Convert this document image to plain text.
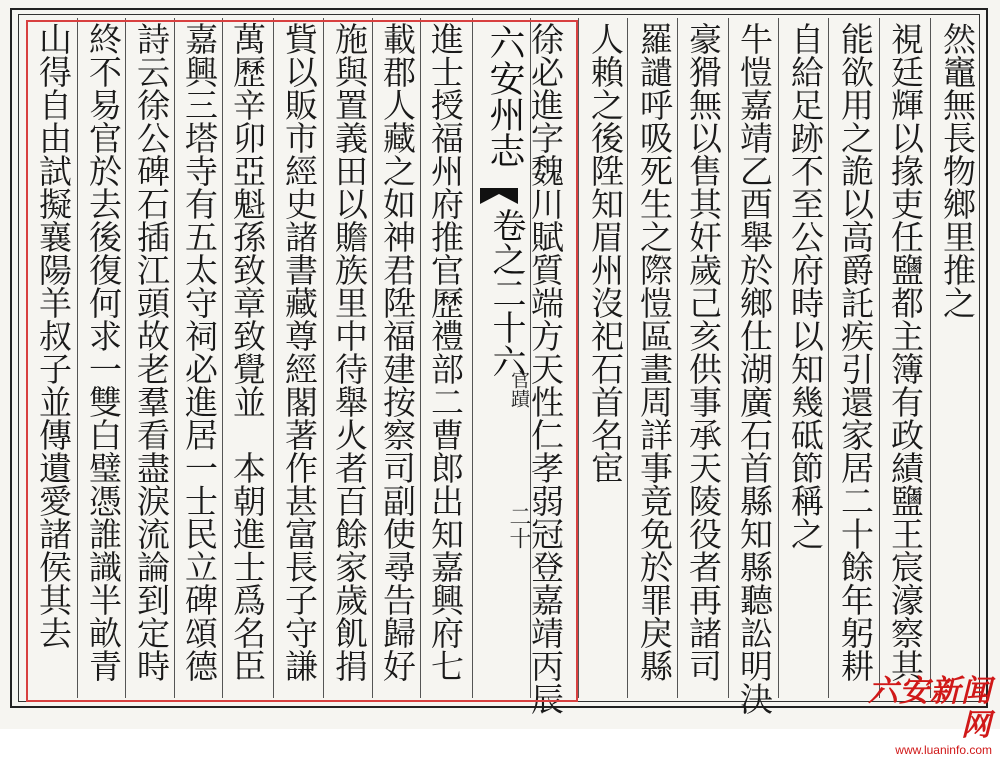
然竈無長物鄉里推之
視廷輝以掾吏任鹽都主簿有政績鹽王宸濠察其
能欲用之詭以高爵託疾引還家居二十餘年躬耕
自給足跡不至公府時以知幾砥節稱之
牛愷嘉靖乙酉舉於鄉仕湖廣石首縣知縣聽訟明決
豪猾無以售其奸歲己亥供事承天陵役者再諸司
羅譴呼吸死生之際愷區畫周詳事竟免於罪戾縣
人賴之後陞知眉州沒祀石首名宦
六安州志
卷之二十六
官蹟
二十
徐必進字魏川賦質端方天性仁孝弱冠登嘉靖丙辰
進士授福州府推官歷禮部二曹郎出知嘉興府七
載郡人藏之如神君陞福建按察司副使尋告歸好
施與置義田以贍族里中待舉火者百餘家歲飢捐
貲以販市經史諸書藏尊經閣著作甚富長子守謙
萬歷辛卯亞魁孫致章致覺並　本朝進士爲名臣
嘉興三塔寺有五太守祠必進居一士民立碑頌德
詩云徐公碑石插江頭故老羣看盡淚流論到定時
終不易官於去後復何求一雙白璧憑誰識半畝青
山得自由試擬襄陽羊叔子並傳遺愛諸侯其去
六安新闻网
www.luaninfo.com
